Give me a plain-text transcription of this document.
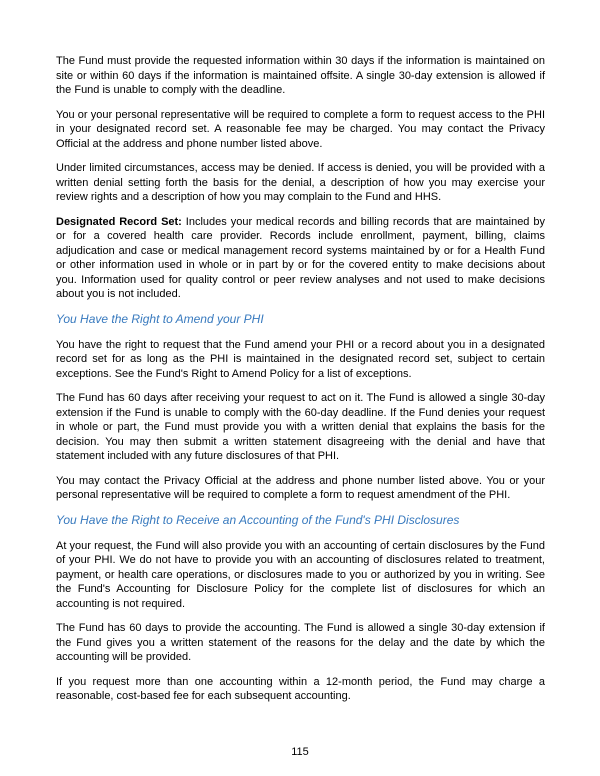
The Fund must provide the requested information within 30 days if the information is maintained on site or within 60 days if the information is maintained offsite. A single 30-day extension is allowed if the Fund is unable to comply with the deadline.

You or your personal representative will be required to complete a form to request access to the PHI in your designated record set. A reasonable fee may be charged. You may contact the Privacy Official at the address and phone number listed above.

Under limited circumstances, access may be denied. If access is denied, you will be provided with a written denial setting forth the basis for the denial, a description of how you may exercise your review rights and a description of how you may complain to the Fund and HHS.

Designated Record Set: Includes your medical records and billing records that are maintained by or for a covered health care provider. Records include enrollment, payment, billing, claims adjudication and case or medical management record systems maintained by or for a Health Fund or other information used in whole or in part by or for the covered entity to make decisions about you. Information used for quality control or peer review analyses and not used to make decisions about you is not included.

You Have the Right to Amend your PHI

You have the right to request that the Fund amend your PHI or a record about you in a designated record set for as long as the PHI is maintained in the designated record set, subject to certain exceptions. See the Fund's Right to Amend Policy for a list of exceptions.

The Fund has 60 days after receiving your request to act on it. The Fund is allowed a single 30-day extension if the Fund is unable to comply with the 60-day deadline. If the Fund denies your request in whole or part, the Fund must provide you with a written denial that explains the basis for the decision. You may then submit a written statement disagreeing with the denial and have that statement included with any future disclosures of that PHI.

You may contact the Privacy Official at the address and phone number listed above. You or your personal representative will be required to complete a form to request amendment of the PHI.

You Have the Right to Receive an Accounting of the Fund's PHI Disclosures

At your request, the Fund will also provide you with an accounting of certain disclosures by the Fund of your PHI. We do not have to provide you with an accounting of disclosures related to treatment, payment, or health care operations, or disclosures made to you or authorized by you in writing. See the Fund's Accounting for Disclosure Policy for the complete list of disclosures for which an accounting is not required.

The Fund has 60 days to provide the accounting. The Fund is allowed a single 30-day extension if the Fund gives you a written statement of the reasons for the delay and the date by which the accounting will be provided.

If you request more than one accounting within a 12-month period, the Fund may charge a reasonable, cost-based fee for each subsequent accounting.

115
